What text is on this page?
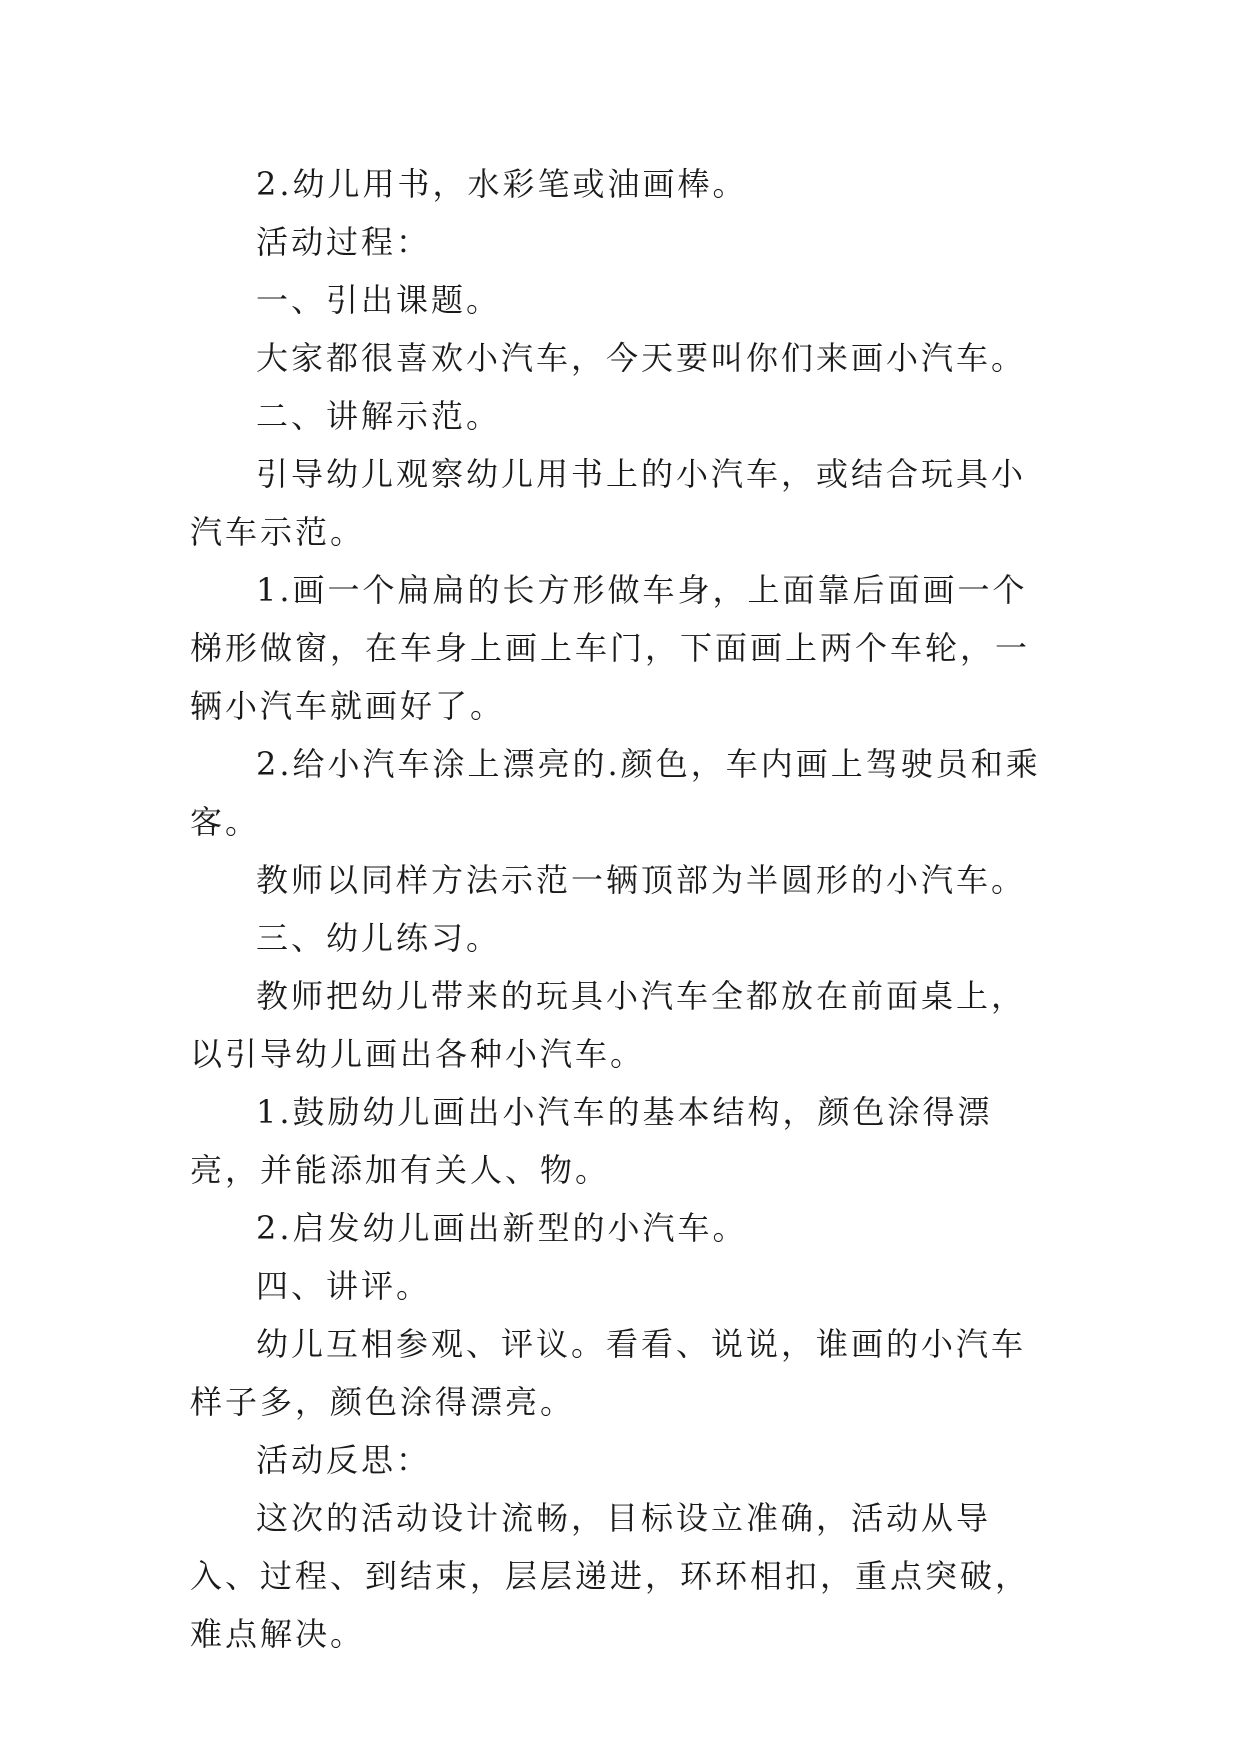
2.幼儿用书，水彩笔或油画棒。

活动过程：

一、引出课题。

大家都很喜欢小汽车，今天要叫你们来画小汽车。

二、讲解示范。

引导幼儿观察幼儿用书上的小汽车，或结合玩具小汽车示范。

1.画一个扁扁的长方形做车身，上面靠后面画一个梯形做窗，在车身上画上车门，下面画上两个车轮，一辆小汽车就画好了。

2.给小汽车涂上漂亮的.颜色，车内画上驾驶员和乘客。

教师以同样方法示范一辆顶部为半圆形的小汽车。

三、幼儿练习。

教师把幼儿带来的玩具小汽车全都放在前面桌上，以引导幼儿画出各种小汽车。

1.鼓励幼儿画出小汽车的基本结构，颜色涂得漂亮，并能添加有关人、物。

2.启发幼儿画出新型的小汽车。

四、讲评。

幼儿互相参观、评议。看看、说说，谁画的小汽车样子多，颜色涂得漂亮。

活动反思：

这次的活动设计流畅，目标设立准确，活动从导入、过程、到结束，层层递进，环环相扣，重点突破，难点解决。
